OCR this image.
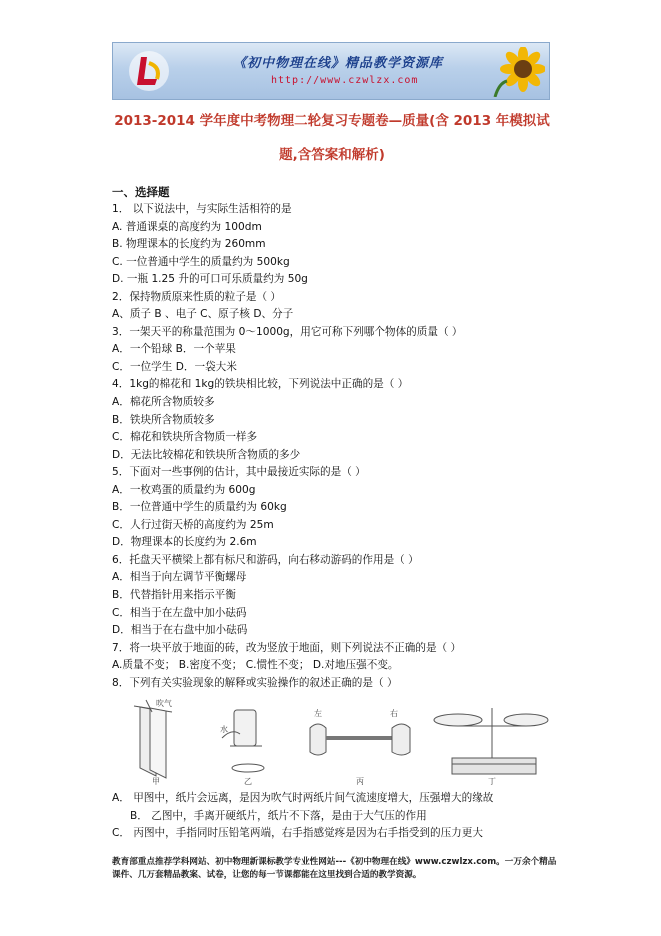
《初中物理在线》精品教学资源库
http://www.czwlzx.com
2013-2014 学年度中考物理二轮复习专题卷—质量(含 2013 年模拟试
题,含答案和解析)
一、选择题
1． 以下说法中，与实际生活相符的是
A. 普通课桌的高度约为 100dm
B. 物理课本的长度约为 260mm
C. 一位普通中学生的质量约为 500kg
D. 一瓶 1.25 升的可口可乐质量约为 50g
2．保持物质原来性质的粒子是（ ）
A、质子 B 、电子 C、原子核 D、分子
3．一架天平的称量范围为 0～1000g，用它可称下列哪个物体的质量（ ）
A．一个铅球 B．一个苹果
C．一位学生 D．一袋大米
4．1kg的棉花和 1kg的铁块相比较，下列说法中正确的是（ ）
A．棉花所含物质较多
B．铁块所含物质较多
C．棉花和铁块所含物质一样多
D．无法比较棉花和铁块所含物质的多少
5．下面对一些事例的估计，其中最接近实际的是（ ）
A．一枚鸡蛋的质量约为 600g
B．一位普通中学生的质量约为 60kg
C．人行过街天桥的高度约为 25m
D．物理课本的长度约为 2.6m
6．托盘天平横梁上都有标尺和游码，向右移动游码的作用是（ ）
A．相当于向左调节平衡螺母
B．代替指针用来指示平衡
C．相当于在左盘中加小砝码
D．相当于在右盘中加小砝码
7．将一块平放于地面的砖，改为竖放于地面，则下列说法不正确的是（ ）
A.质量不变； B.密度不变； C.惯性不变； D.对地压强不变。
8．下列有关实验现象的解释或实验操作的叙述正确的是（ ）
吹气
水
左	右
甲	乙	丙	丁
A． 甲图中，纸片会远离，是因为吹气时两纸片间气流速度增大，压强增大的缘故
B． 乙图中，手离开硬纸片，纸片不下落，是由于大气压的作用
C． 丙图中，手指同时压铅笔两端，右手指感觉疼是因为右手指受到的压力更大
教育部重点推荐学科网站、初中物理新课标教学专业性网站---《初中物理在线》www.czwlzx.com。一万余个精品课件、几万套精品教案、试卷，让您的每一节课都能在这里找到合适的教学资源。
